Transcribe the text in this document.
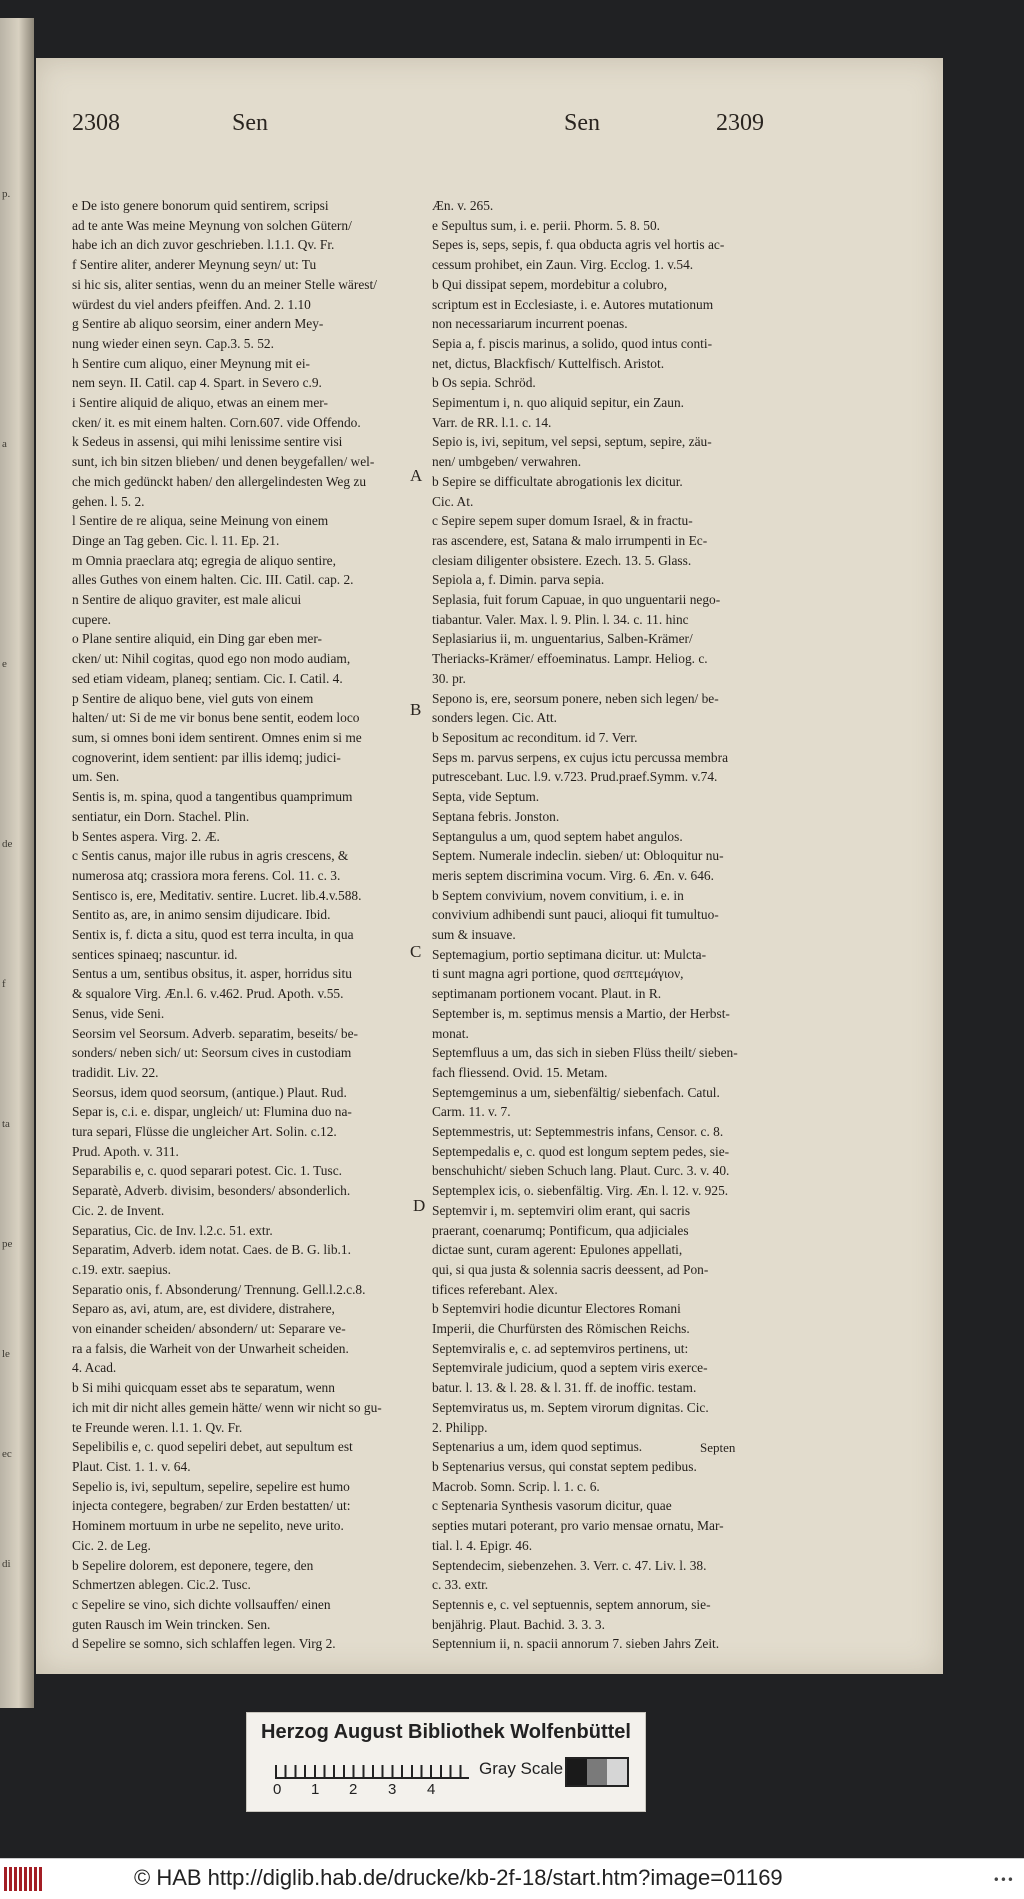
p.
a
e
de
f
ta
pe
le
ec
di
2308	Sen	Sen	2309
e De isto genere bonorum quid sentirem, scripsi
ad te ante Was meine Meynung von solchen Gütern/
habe ich an dich zuvor geschrieben. l.1.1. Qv. Fr.
f Sentire aliter, anderer Meynung seyn/ ut: Tu
si hic sis, aliter sentias, wenn du an meiner Stelle wärest/
würdest du viel anders pfeiffen. And. 2. 1.10
g Sentire ab aliquo seorsim, einer andern Mey-
nung wieder einen seyn. Cap.3. 5. 52.
h Sentire cum aliquo, einer Meynung mit ei-
nem seyn. II. Catil. cap 4. Spart. in Severo c.9.
i Sentire aliquid de aliquo, etwas an einem mer-
cken/ it. es mit einem halten. Corn.607. vide Offendo.
k Sedeus in assensi, qui mihi lenissime sentire visi
sunt, ich bin sitzen blieben/ und denen beygefallen/ wel-
che mich gedünckt haben/ den allergelindesten Weg zu
gehen. l. 5. 2.
l Sentire de re aliqua, seine Meinung von einem
Dinge an Tag geben. Cic. l. 11. Ep. 21.
m Omnia praeclara atq; egregia de aliquo sentire,
alles Guthes von einem halten. Cic. III. Catil. cap. 2.
n Sentire de aliquo graviter, est male alicui
cupere.
o Plane sentire aliquid, ein Ding gar eben mer-
cken/ ut: Nihil cogitas, quod ego non modo audiam,
sed etiam videam, planeq; sentiam. Cic. I. Catil. 4.
p Sentire de aliquo bene, viel guts von einem
halten/ ut: Si de me vir bonus bene sentit, eodem loco
sum, si omnes boni idem sentirent. Omnes enim si me
cognoverint, idem sentient: par illis idemq; judici-
um. Sen.
Sentis is, m. spina, quod a tangentibus quamprimum
sentiatur, ein Dorn. Stachel. Plin.
b Sentes aspera. Virg. 2. Æ.
c Sentis canus, major ille rubus in agris crescens, &
numerosa atq; crassiora mora ferens. Col. 11. c. 3.
Sentisco is, ere, Meditativ. sentire. Lucret. lib.4.v.588.
Sentito as, are, in animo sensim dijudicare. Ibid.
Sentix is, f. dicta a situ, quod est terra inculta, in qua
sentices spinaeq; nascuntur. id.
Sentus a um, sentibus obsitus, it. asper, horridus situ
& squalore Virg. Æn.l. 6. v.462. Prud. Apoth. v.55.
Senus, vide Seni.
Seorsim vel Seorsum. Adverb. separatim, beseits/ be-
sonders/ neben sich/ ut: Seorsum cives in custodiam
tradidit. Liv. 22.
Seorsus, idem quod seorsum, (antique.) Plaut. Rud.
Separ is, c.i. e. dispar, ungleich/ ut: Flumina duo na-
tura separi, Flüsse die ungleicher Art. Solin. c.12.
Prud. Apoth. v. 311.
Separabilis e, c. quod separari potest. Cic. 1. Tusc.
Separatè, Adverb. divisim, besonders/ absonderlich.
Cic. 2. de Invent.
Separatius, Cic. de Inv. l.2.c. 51. extr.
Separatim, Adverb. idem notat. Caes. de B. G. lib.1.
c.19. extr. saepius.
Separatio onis, f. Absonderung/ Trennung. Gell.l.2.c.8.
Separo as, avi, atum, are, est dividere, distrahere,
von einander scheiden/ absondern/ ut: Separare ve-
ra a falsis, die Warheit von der Unwarheit scheiden.
4. Acad.
b Si mihi quicquam esset abs te separatum, wenn
ich mit dir nicht alles gemein hätte/ wenn wir nicht so gu-
te Freunde weren. l.1. 1. Qv. Fr.
Sepelibilis e, c. quod sepeliri debet, aut sepultum est
Plaut. Cist. 1. 1. v. 64.
Sepelio is, ivi, sepultum, sepelire, sepelire est humo
injecta contegere, begraben/ zur Erden bestatten/ ut:
Hominem mortuum in urbe ne sepelito, neve urito.
Cic. 2. de Leg.
b Sepelire dolorem, est deponere, tegere, den
Schmertzen ablegen. Cic.2. Tusc.
c Sepelire se vino, sich dichte vollsauffen/ einen
guten Rausch im Wein trincken. Sen.
d Sepelire se somno, sich schlaffen legen. Virg 2.
Æn. v. 265.
e Sepultus sum, i. e. perii. Phorm. 5. 8. 50.
Sepes is, seps, sepis, f. qua obducta agris vel hortis ac-
cessum prohibet, ein Zaun. Virg. Ecclog. 1. v.54.
b Qui dissipat sepem, mordebitur a colubro,
scriptum est in Ecclesiaste, i. e. Autores mutationum
non necessariarum incurrent poenas.
Sepia a, f. piscis marinus, a solido, quod intus conti-
net, dictus, Blackfisch/ Kuttelfisch. Aristot.
b Os sepia. Schröd.
Sepimentum i, n. quo aliquid sepitur, ein Zaun.
Varr. de RR. l.1. c. 14.
Sepio is, ivi, sepitum, vel sepsi, septum, sepire, zäu-
nen/ umbgeben/ verwahren.
b Sepire se difficultate abrogationis lex dicitur.
Cic. At.
c Sepire sepem super domum Israel, & in fractu-
ras ascendere, est, Satana & malo irrumpenti in Ec-
clesiam diligenter obsistere. Ezech. 13. 5. Glass.
Sepiola a, f. Dimin. parva sepia.
Seplasia, fuit forum Capuae, in quo unguentarii nego-
tiabantur. Valer. Max. l. 9. Plin. l. 34. c. 11. hinc
Seplasiarius ii, m. unguentarius, Salben-Krämer/
Theriacks-Krämer/ effoeminatus. Lampr. Heliog. c.
30. pr.
Sepono is, ere, seorsum ponere, neben sich legen/ be-
sonders legen. Cic. Att.
b Sepositum ac reconditum. id 7. Verr.
Seps m. parvus serpens, ex cujus ictu percussa membra
putrescebant. Luc. l.9. v.723. Prud.praef.Symm. v.74.
Septa, vide Septum.
Septana febris. Jonston.
Septangulus a um, quod septem habet angulos.
Septem. Numerale indeclin. sieben/ ut: Obloquitur nu-
meris septem discrimina vocum. Virg. 6. Æn. v. 646.
b Septem convivium, novem convitium, i. e. in
convivium adhibendi sunt pauci, alioqui fit tumultuo-
sum & insuave.
Septemagium, portio septimana dicitur. ut: Mulcta-
ti sunt magna agri portione, quod σεπτεμάγιον,
septimanam portionem vocant. Plaut. in R.
September is, m. septimus mensis a Martio, der Herbst-
monat.
Septemfluus a um, das sich in sieben Flüss theilt/ sieben-
fach fliessend. Ovid. 15. Metam.
Septemgeminus a um, siebenfältig/ siebenfach. Catul.
Carm. 11. v. 7.
Septemmestris, ut: Septemmestris infans, Censor. c. 8.
Septempedalis e, c. quod est longum septem pedes, sie-
benschuhicht/ sieben Schuch lang. Plaut. Curc. 3. v. 40.
Septemplex icis, o. siebenfältig. Virg. Æn. l. 12. v. 925.
Septemvir i, m. septemviri olim erant, qui sacris
praerant, coenarumq; Pontificum, qua adjiciales
dictae sunt, curam agerent: Epulones appellati,
qui, si qua justa & solennia sacris deessent, ad Pon-
tifices referebant. Alex.
b Septemviri hodie dicuntur Electores Romani
Imperii, die Churfürsten des Römischen Reichs.
Septemviralis e, c. ad septemviros pertinens, ut:
Septemvirale judicium, quod a septem viris exerce-
batur. l. 13. & l. 28. & l. 31. ff. de inoffic. testam.
Septemviratus us, m. Septem virorum dignitas. Cic.
2. Philipp.
Septenarius a um, idem quod septimus.
b Septenarius versus, qui constat septem pedibus.
Macrob. Somn. Scrip. l. 1. c. 6.
c Septenaria Synthesis vasorum dicitur, quae
septies mutari poterant, pro vario mensae ornatu, Mar-
tial. l. 4. Epigr. 46.
Septendecim, siebenzehen. 3. Verr. c. 47. Liv. l. 38.
c. 33. extr.
Septennis e, c. vel septuennis, septem annorum, sie-
benjährig. Plaut. Bachid. 3. 3. 3.
Septennium ii, n. spacii annorum 7. sieben Jahrs Zeit.
A
B
C
D
Septen
Herzog August Bibliothek Wolfenbüttel
0 1 2 3 4
Gray Scale
© HAB http://diglib.hab.de/drucke/kb-2f-18/start.htm?image=01169	•••
